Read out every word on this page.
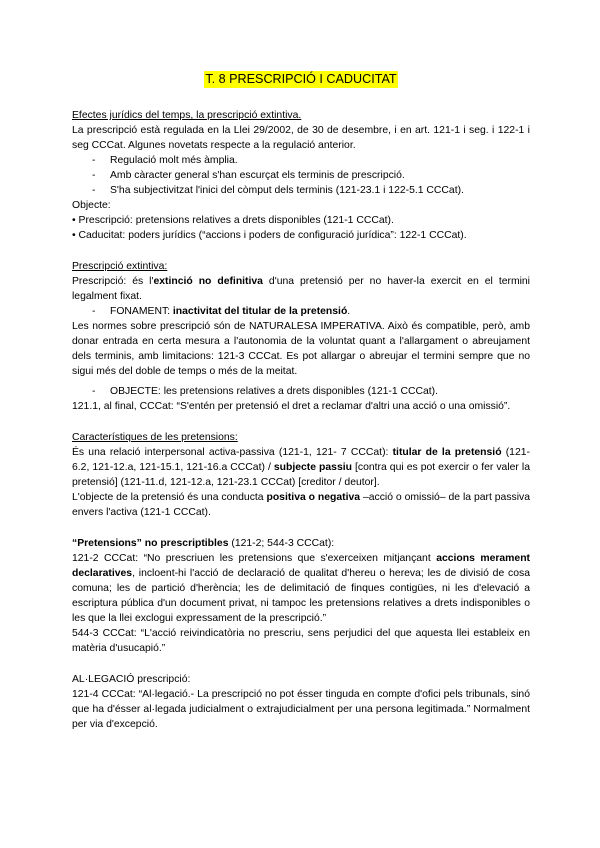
T. 8 PRESCRIPCIÓ I CADUCITAT

Efectes jurídics del temps, la prescripció extintiva.

La prescripció està regulada en la Llei 29/2002, de 30 de desembre, i en art. 121-1 i seg. i 122-1 i seg CCCat. Algunes novetats respecte a la regulació anterior.

- Regulació molt més àmplia.

- Amb càracter general s'han escurçat els terminis de prescripció.

- S'ha subjectivitzat l'inici del còmput dels terminis (121-23.1 i 122-5.1 CCCat).

Objecte:

• Prescripció: pretensions relatives a drets disponibles (121-1 CCCat).

• Caducitat: poders jurídics (“accions i poders de configuració jurídica”: 122-1 CCCat).

Prescripció extintiva:

Prescripció: és l'extinció no definitiva d'una pretensió per no haver-la exercit en el termini legalment fixat.

- FONAMENT: inactivitat del titular de la pretensió.

Les normes sobre prescripció són de NATURALESA IMPERATIVA. Això és compatible, però, amb donar entrada en certa mesura a l'autonomia de la voluntat quant a l'allargament o abreujament dels terminis, amb limitacions: 121-3 CCCat. Es pot allargar o abreujar el termini sempre que no sigui més del doble de temps o més de la meitat.

- OBJECTE: les pretensions relatives a drets disponibles (121-1 CCCat).

121.1, al final, CCCat: “S'entén per pretensió el dret a reclamar d'altri una acció o una omissió”.

Característiques de les pretensions:

És una relació interpersonal activa-passiva (121-1, 121- 7 CCCat): titular de la pretensió (121-6.2, 121-12.a, 121-15.1, 121-16.a CCCat) / subjecte passiu [contra qui es pot exercir o fer valer la pretensió] (121-11.d, 121-12.a, 121-23.1 CCCat) [creditor / deutor].

L'objecte de la pretensió és una conducta positiva o negativa –acció o omissió– de la part passiva envers l'activa (121-1 CCCat).

“Pretensions” no prescriptibles (121-2; 544-3 CCCat):

121-2 CCCat: “No prescriuen les pretensions que s'exerceixen mitjançant accions merament declaratives, incloent-hi l'acció de declaració de qualitat d'hereu o hereva; les de divisió de cosa comuna; les de partició d'herència; les de delimitació de finques contigües, ni les d'elevació a escriptura pública d'un document privat, ni tampoc les pretensions relatives a drets indisponibles o les que la llei exclogui expressament de la prescripció.”

544-3 CCCat: “L'acció reivindicatòria no prescriu, sens perjudici del que aquesta llei estableix en matèria d'usucapió.”

AL·LEGACIÓ prescripció:

121-4 CCCat: “Al·legació.- La prescripció no pot ésser tinguda en compte d'ofici pels tribunals, sinó que ha d'ésser al·legada judicialment o extrajudicialment per una persona legitimada.” Normalment per via d'excepció.
